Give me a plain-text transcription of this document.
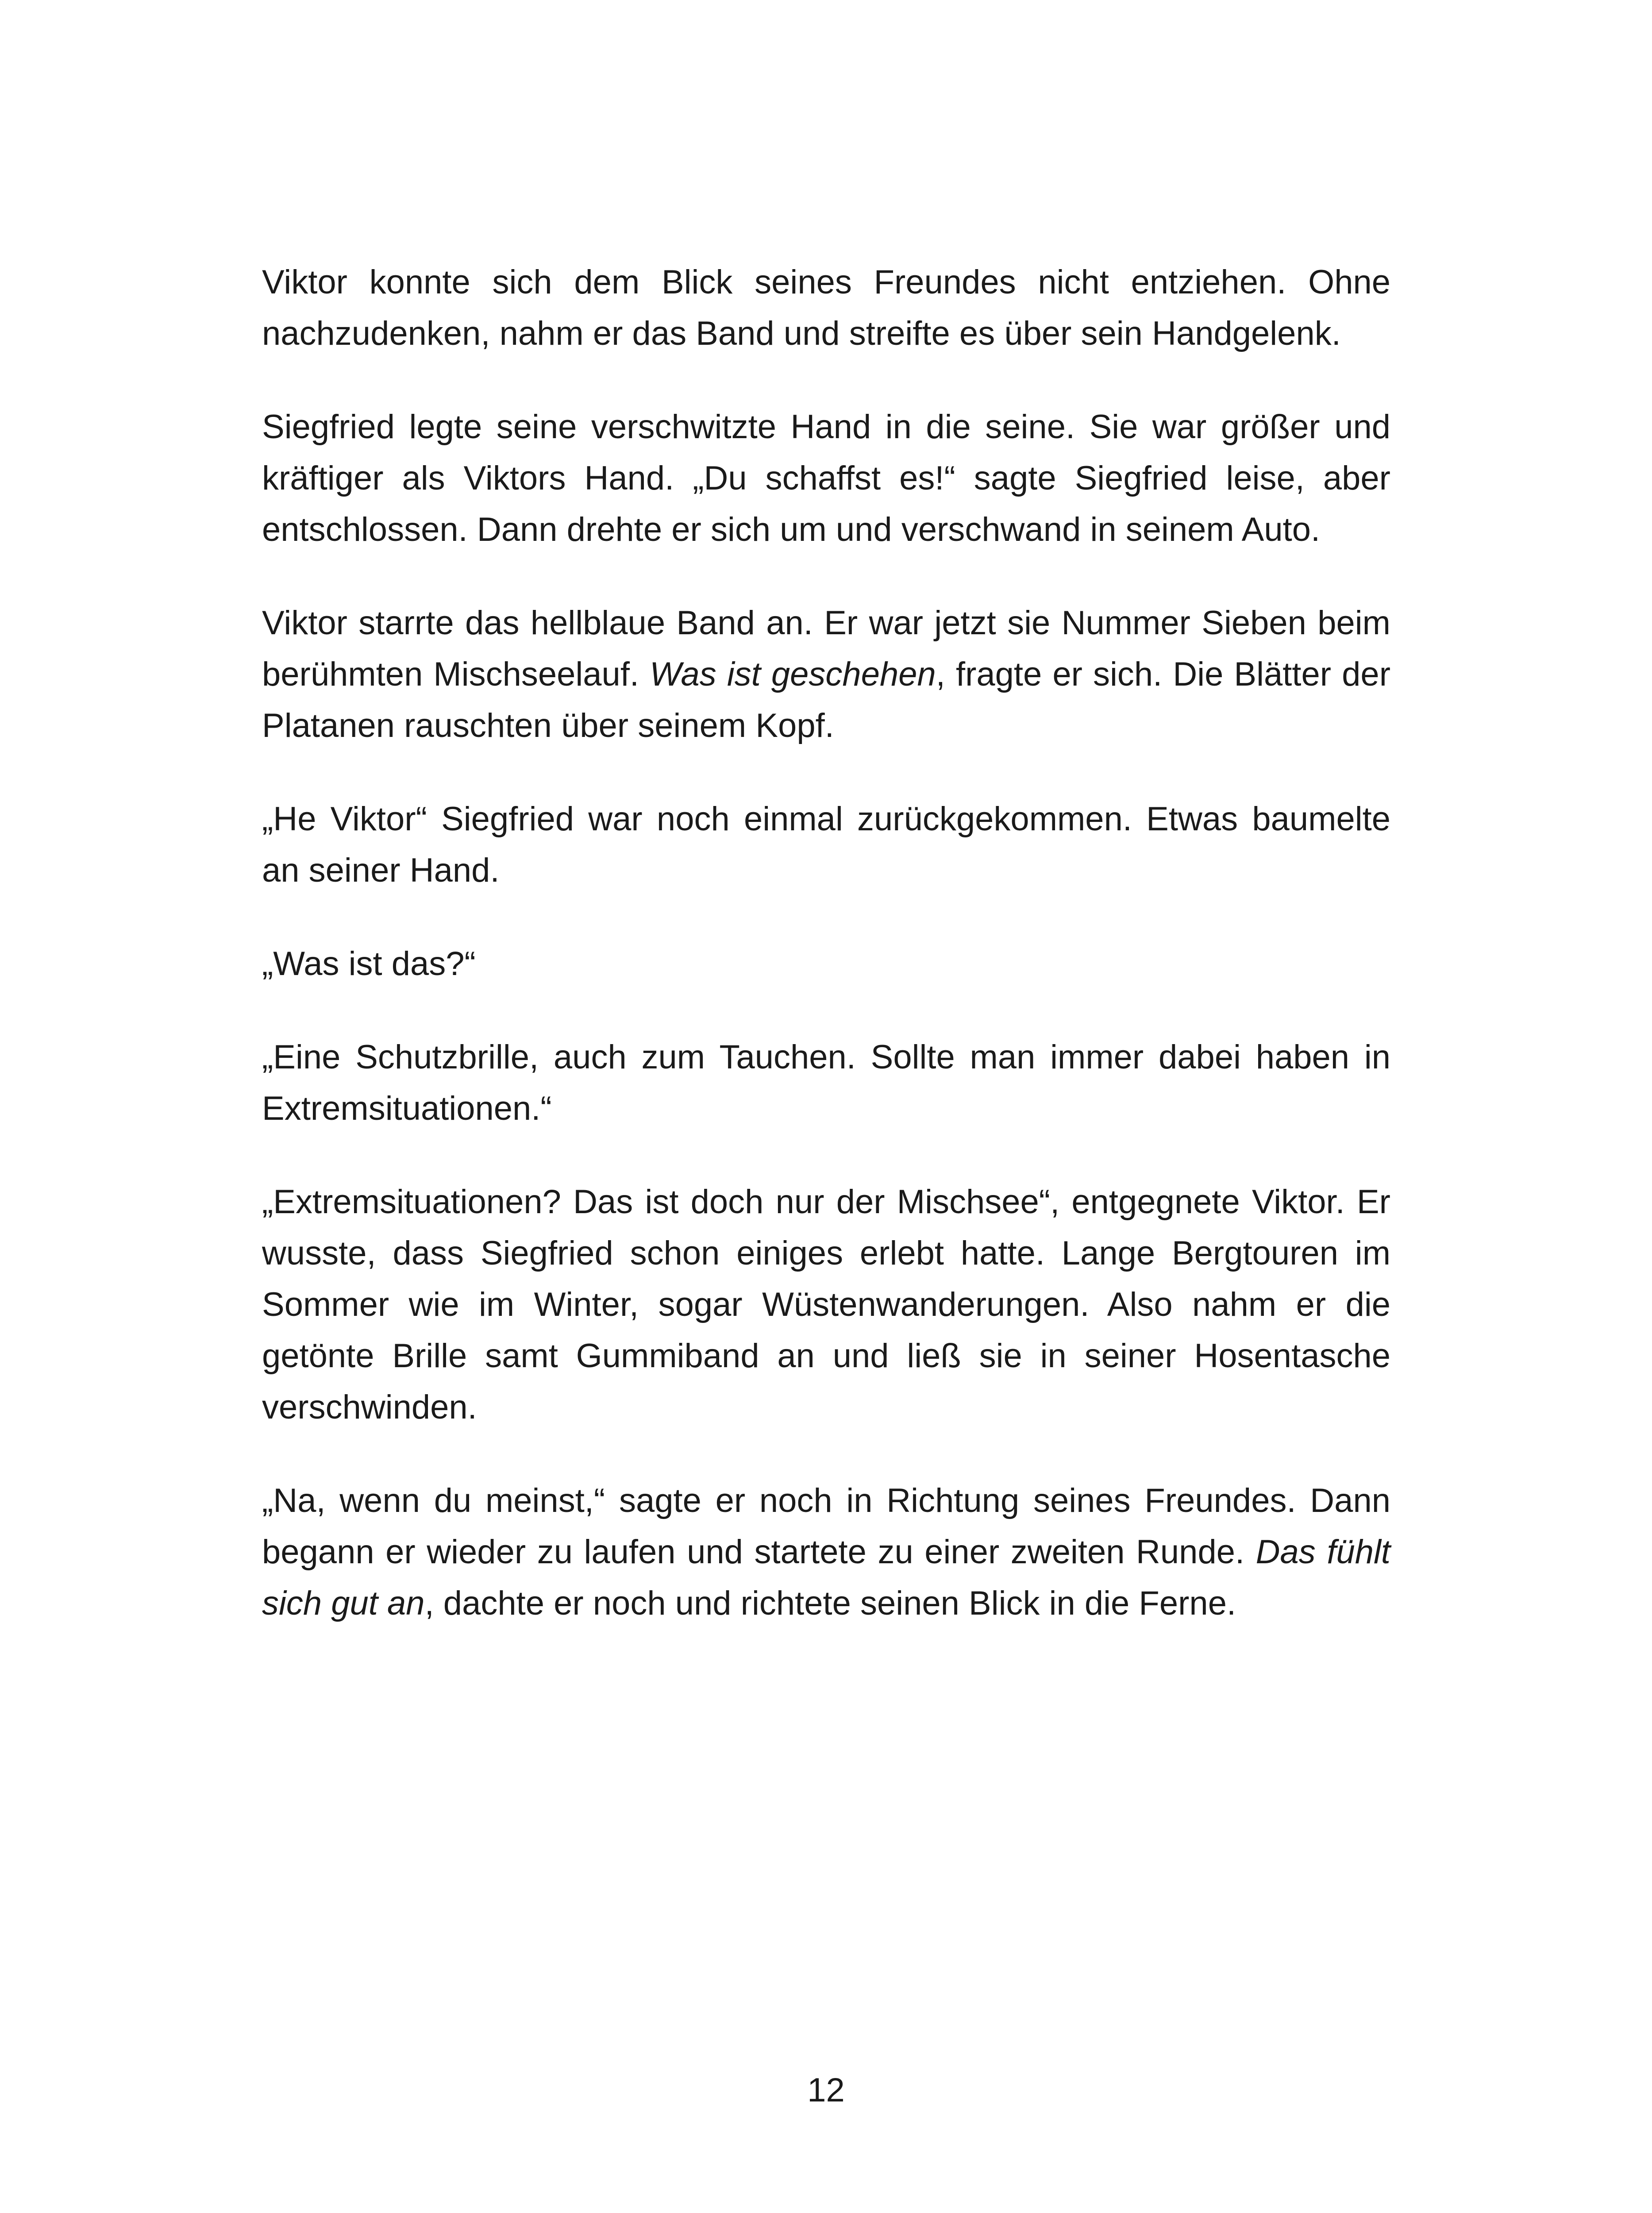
Viktor konnte sich dem Blick seines Freundes nicht entziehen. Ohne nachzudenken, nahm er das Band und streifte es über sein Handgelenk.

Siegfried legte seine verschwitzte Hand in die seine. Sie war größer und kräftiger als Viktors Hand. „Du schaffst es!“ sagte Siegfried leise, aber entschlossen. Dann drehte er sich um und verschwand in seinem Auto.

Viktor starrte das hellblaue Band an. Er war jetzt sie Nummer Sieben beim berühmten Mischseelauf. Was ist geschehen, fragte er sich. Die Blätter der Platanen rauschten über seinem Kopf.

„He Viktor“ Siegfried war noch einmal zurückgekommen. Etwas baumelte an seiner Hand.

„Was ist das?“

„Eine Schutzbrille, auch zum Tauchen. Sollte man immer dabei haben in Extremsituationen.“

„Extremsituationen? Das ist doch nur der Mischsee“, entgegnete Viktor. Er wusste, dass Siegfried schon einiges erlebt hatte. Lange Bergtouren im Sommer wie im Winter, sogar Wüstenwanderungen. Also nahm er die getönte Brille samt Gummiband an und ließ sie in seiner Hosentasche verschwinden.

„Na, wenn du meinst,“ sagte er noch in Richtung seines Freundes. Dann begann er wieder zu laufen und startete zu einer zweiten Runde. Das fühlt sich gut an, dachte er noch und richtete seinen Blick in die Ferne.

12
